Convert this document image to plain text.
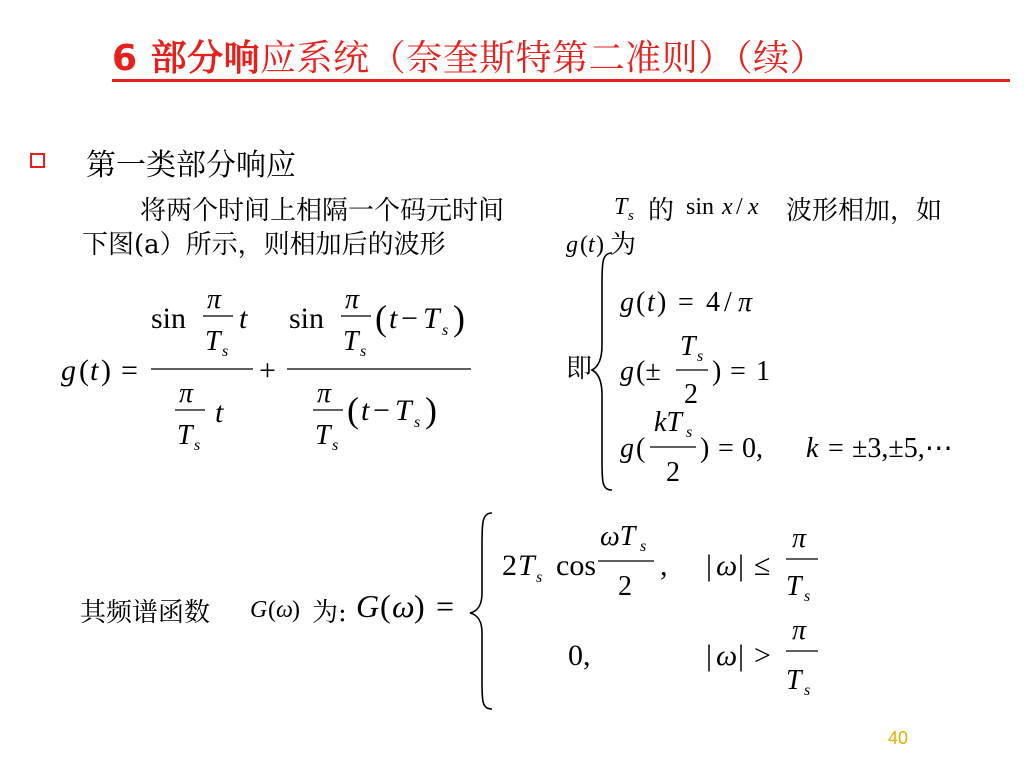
6 部分响应系统（奈奎斯特第二准则）（续）
第一类部分响应
将两个时间上相隔一个码元时间	T s 的 sin x / x 波形相加，如
下图(a）所示，则相加后的波形	g ( t ) 为
g ( t ) =
sin
π
T s
t
π
T s
t
+
sin
π
T s
( t − T s )
π
T s
( t − T s )
即
g ( t ) = 4 / π
g (±
T s
2
) = 1
g (
kT s
2
) = 0, k = ±3,±5,⋯
其频谱函数 G ( ω ) 为: G ( ω ) =
2 T s cos
ωT s
2
, | ω | ≤
π
T s
0,	| ω | >
π
T s
40
